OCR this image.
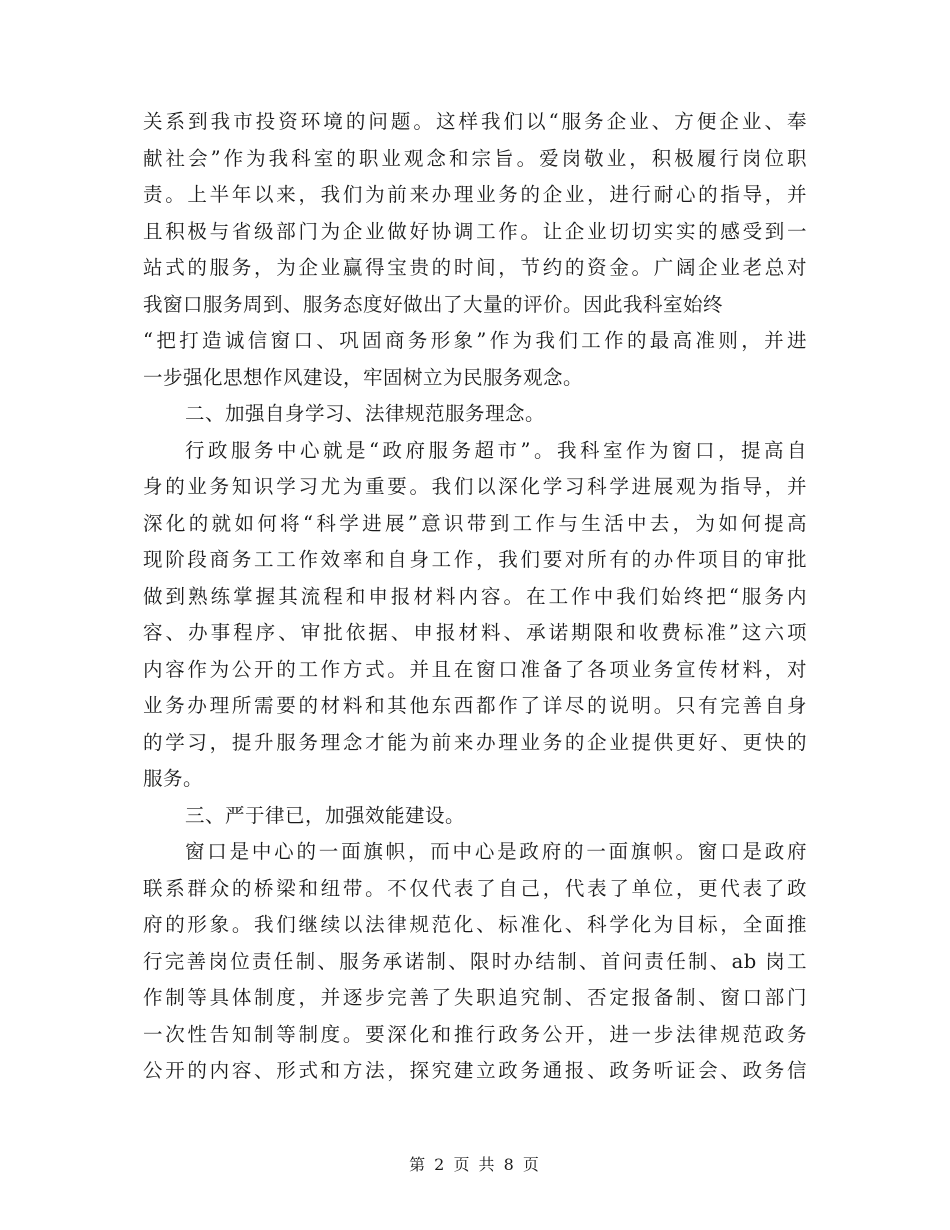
关系到我市投资环境的问题。这样我们以“服务企业、方便企业、奉
献社会”作为我科室的职业观念和宗旨。爱岗敬业，积极履行岗位职
责。上半年以来，我们为前来办理业务的企业，进行耐心的指导，并
且积极与省级部门为企业做好协调工作。让企业切切实实的感受到一
站式的服务，为企业赢得宝贵的时间，节约的资金。广阔企业老总对
我窗口服务周到、服务态度好做出了大量的评价。因此我科室始终
“把打造诚信窗口、巩固商务形象”作为我们工作的最高准则，并进
一步强化思想作风建设，牢固树立为民服务观念。
二、加强自身学习、法律规范服务理念。
行政服务中心就是“政府服务超市”。我科室作为窗口，提高自
身的业务知识学习尤为重要。我们以深化学习科学进展观为指导，并
深化的就如何将“科学进展”意识带到工作与生活中去，为如何提高
现阶段商务工工作效率和自身工作，我们要对所有的办件项目的审批
做到熟练掌握其流程和申报材料内容。在工作中我们始终把“服务内
容、办事程序、审批依据、申报材料、承诺期限和收费标准”这六项
内容作为公开的工作方式。并且在窗口准备了各项业务宣传材料，对
业务办理所需要的材料和其他东西都作了详尽的说明。只有完善自身
的学习，提升服务理念才能为前来办理业务的企业提供更好、更快的
服务。
三、严于律已，加强效能建设。
窗口是中心的一面旗帜，而中心是政府的一面旗帜。窗口是政府
联系群众的桥梁和纽带。不仅代表了自己，代表了单位，更代表了政
府的形象。我们继续以法律规范化、标准化、科学化为目标，全面推
行完善岗位责任制、服务承诺制、限时办结制、首问责任制、ab 岗工
作制等具体制度，并逐步完善了失职追究制、否定报备制、窗口部门
一次性告知制等制度。要深化和推行政务公开，进一步法律规范政务
公开的内容、形式和方法，探究建立政务通报、政务听证会、政务信
第 2 页 共 8 页
